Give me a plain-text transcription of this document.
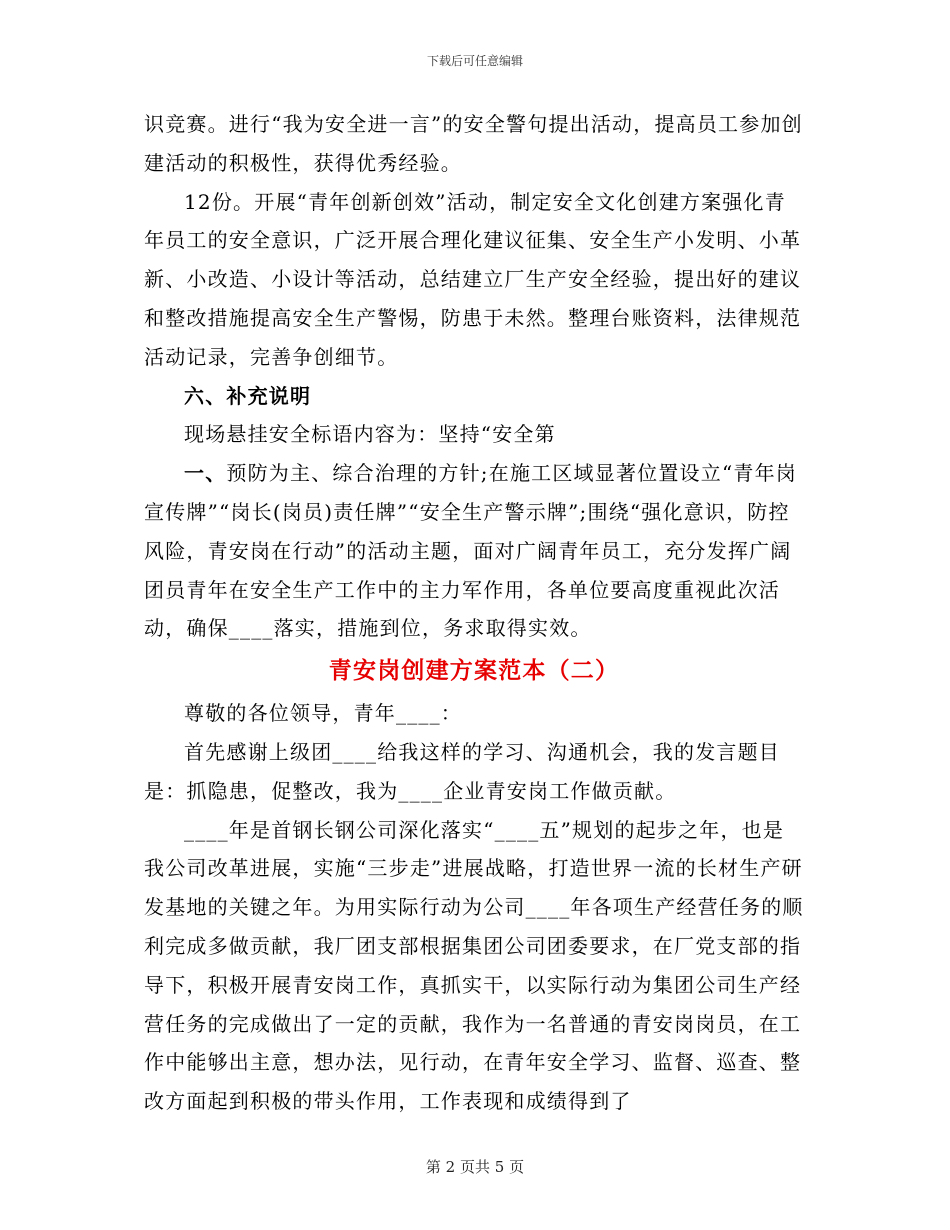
下载后可任意编辑

识竞赛。进行“我为安全进一言”的安全警句提出活动，提高员工参加创建活动的积极性，获得优秀经验。

12份。开展“青年创新创效”活动，制定安全文化创建方案强化青年员工的安全意识，广泛开展合理化建议征集、安全生产小发明、小革新、小改造、小设计等活动，总结建立厂生产安全经验，提出好的建议和整改措施提高安全生产警惕，防患于未然。整理台账资料，法律规范活动记录，完善争创细节。

六、补充说明

现场悬挂安全标语内容为：坚持“安全第

一、预防为主、综合治理的方针;在施工区域显著位置设立“青年岗宣传牌”“岗长(岗员)责任牌”“安全生产警示牌”;围绕“强化意识，防控风险，青安岗在行动”的活动主题，面对广阔青年员工，充分发挥广阔团员青年在安全生产工作中的主力军作用，各单位要高度重视此次活动，确保____落实，措施到位，务求取得实效。

青安岗创建方案范本（二）

尊敬的各位领导，青年____：

首先感谢上级团____给我这样的学习、沟通机会，我的发言题目是：抓隐患，促整改，我为____企业青安岗工作做贡献。

____年是首钢长钢公司深化落实“____五”规划的起步之年，也是我公司改革进展，实施“三步走”进展战略，打造世界一流的长材生产研发基地的关键之年。为用实际行动为公司____年各项生产经营任务的顺利完成多做贡献，我厂团支部根据集团公司团委要求，在厂党支部的指导下，积极开展青安岗工作，真抓实干，以实际行动为集团公司生产经营任务的完成做出了一定的贡献，我作为一名普通的青安岗岗员，在工作中能够出主意，想办法，见行动，在青年安全学习、监督、巡查、整改方面起到积极的带头作用，工作表现和成绩得到了

第 2 页共 5 页
